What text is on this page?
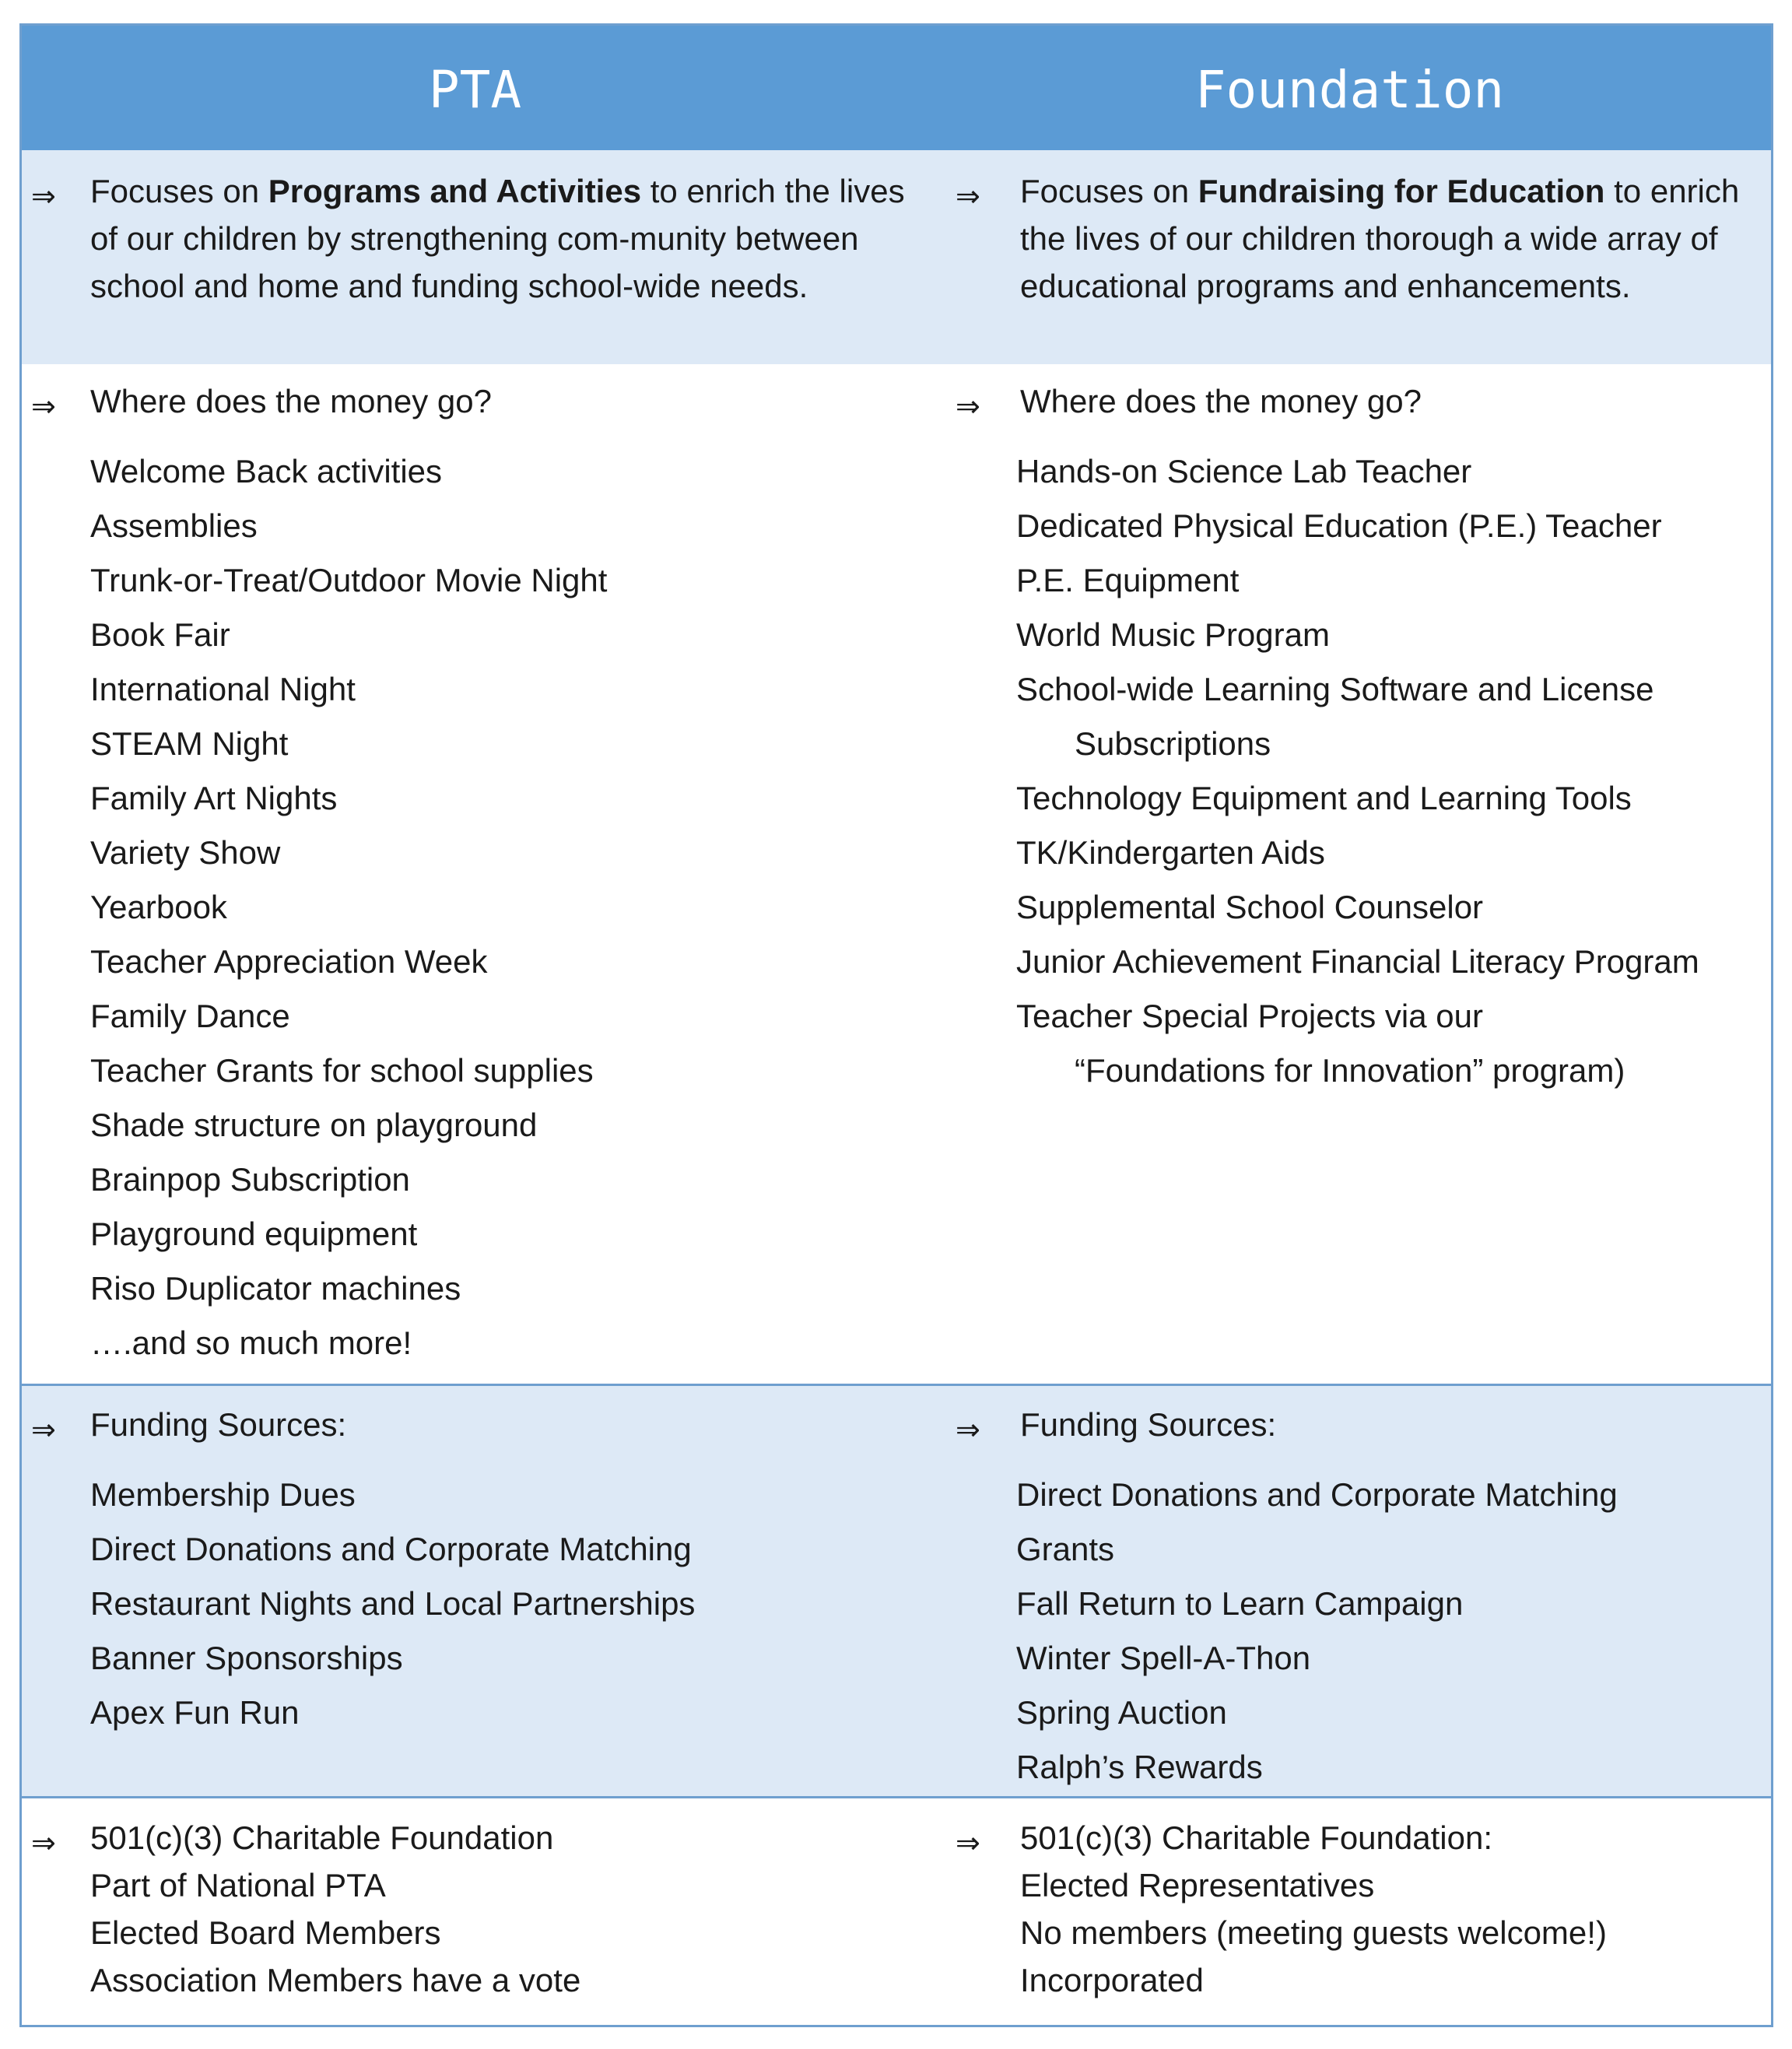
PTA	Foundation
⇒ Focuses on Programs and Activities to enrich the lives of our children by strengthening com-munity between school and home and funding school-wide needs.
⇒ Focuses on Fundraising for Education to enrich the lives of our children thorough a wide array of educational programs and enhancements.
⇒ Where does the money go?
Welcome Back activities
Assemblies
Trunk-or-Treat/Outdoor Movie Night
Book Fair
International Night
STEAM Night
Family Art Nights
Variety Show
Yearbook
Teacher Appreciation Week
Family Dance
Teacher Grants for school supplies
Shade structure on playground
Brainpop Subscription
Playground equipment
Riso Duplicator machines
….and so much more!
⇒ Where does the money go?
Hands-on Science Lab Teacher
Dedicated Physical Education (P.E.) Teacher
P.E. Equipment
World Music Program
School-wide Learning Software and License
Subscriptions
Technology Equipment and Learning Tools
TK/Kindergarten Aids
Supplemental School Counselor
Junior Achievement Financial Literacy Program
Teacher Special Projects via our
“Foundations for Innovation” program)
⇒ Funding Sources:
Membership Dues
Direct Donations and Corporate Matching
Restaurant Nights and Local Partnerships
Banner Sponsorships
Apex Fun Run
⇒ Funding Sources:
Direct Donations and Corporate Matching
Grants
Fall Return to Learn Campaign
Winter Spell-A-Thon
Spring Auction
Ralph’s Rewards
⇒ 501(c)(3) Charitable Foundation
Part of National PTA
Elected Board Members
Association Members have a vote
⇒ 501(c)(3) Charitable Foundation:
Elected Representatives
No members (meeting guests welcome!)
Incorporated
